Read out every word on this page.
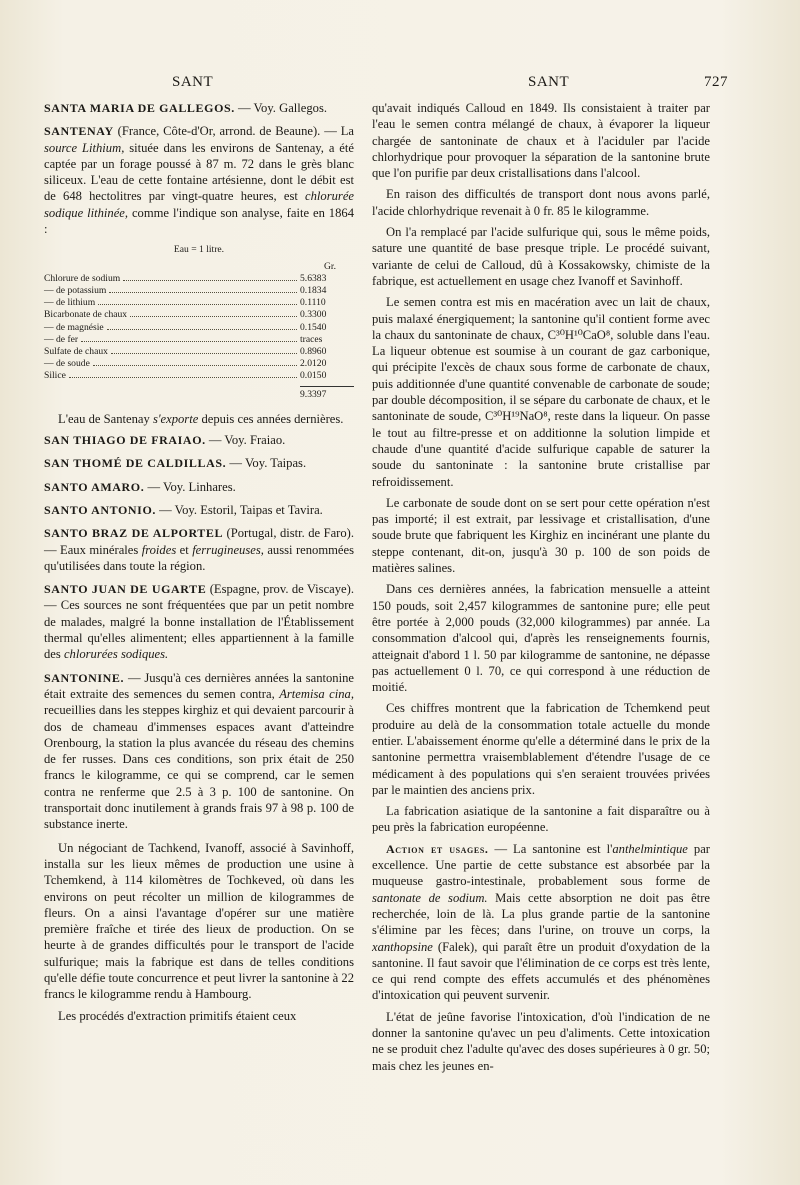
SANT	SANT	727

SANTA MARIA DE GALLEGOS. — Voy. Gallegos.

SANTENAY (France, Côte-d'Or, arrond. de Beaune). — La source Lithium, située dans les environs de Santenay, a été captée par un forage poussé à 87 m. 72 dans le grès blanc siliceux. L'eau de cette fontaine artésienne, dont le débit est de 648 hectolitres par vingt-quatre heures, est chlorurée sodique lithinée, comme l'indique son analyse, faite en 1864 :

Eau = 1 litre.
Gr.
Chlorure de sodium	5.6383
— de potassium	0.1834
— de lithium	0.1110
Bicarbonate de chaux	0.3300
— de magnésie	0.1540
— de fer	traces
Sulfate de chaux	0.8960
— de soude	2.0120
Silice	0.0150
9.3397

L'eau de Santenay s'exporte depuis ces années dernières.

SAN THIAGO DE FRAIAO. — Voy. Fraiao.

SAN THOMÉ DE CALDILLAS. — Voy. Taipas.

SANTO AMARO. — Voy. Linhares.

SANTO ANTONIO. — Voy. Estoril, Taipas et Tavira.

SANTO BRAZ DE ALPORTEL (Portugal, distr. de Faro). — Eaux minérales froides et ferrugineuses, aussi renommées qu'utilisées dans toute la région.

SANTO JUAN DE UGARTE (Espagne, prov. de Viscaye). — Ces sources ne sont fréquentées que par un petit nombre de malades, malgré la bonne installation de l'Établissement thermal qu'elles alimentent; elles appartiennent à la famille des chlorurées sodiques.

SANTONINE. — Jusqu'à ces dernières années la santonine était extraite des semences du semen contra, Artemisa cina, recueillies dans les steppes kirghiz et qui devaient parcourir à dos de chameau d'immenses espaces avant d'atteindre Orenbourg, la station la plus avancée du réseau des chemins de fer russes. Dans ces conditions, son prix était de 250 francs le kilogramme, ce qui se comprend, car le semen contra ne renferme que 2.5 à 3 p. 100 de santonine. On transportait donc inutilement à grands frais 97 à 98 p. 100 de substance inerte.

Un négociant de Tachkend, Ivanoff, associé à Savinhoff, installa sur les lieux mêmes de production une usine à Tchemkend, à 114 kilomètres de Tochkeved, où dans les environs on peut récolter un million de kilogrammes de fleurs. On a ainsi l'avantage d'opérer sur une matière première fraîche et tirée des lieux de production. On se heurte à de grandes difficultés pour le transport de l'acide sulfurique; mais la fabrique est dans de telles conditions qu'elle défie toute concurrence et peut livrer la santonine à 22 francs le kilogramme rendu à Hambourg.

Les procédés d'extraction primitifs étaient ceux

qu'avait indiqués Calloud en 1849. Ils consistaient à traiter par l'eau le semen contra mélangé de chaux, à évaporer la liqueur chargée de santoninate de chaux et à l'aciduler par l'acide chlorhydrique pour provoquer la séparation de la santonine brute que l'on purifie par deux cristallisations dans l'alcool.

En raison des difficultés de transport dont nous avons parlé, l'acide chlorhydrique revenait à 0 fr. 85 le kilogramme.

On l'a remplacé par l'acide sulfurique qui, sous le même poids, sature une quantité de base presque triple. Le procédé suivant, variante de celui de Calloud, dû à Kossakowsky, chimiste de la fabrique, est actuellement en usage chez Ivanoff et Savinhoff.

Le semen contra est mis en macération avec un lait de chaux, puis malaxé énergiquement; la santonine qu'il contient forme avec la chaux du santoninate de chaux, C³⁰H¹⁰CaO⁸, soluble dans l'eau. La liqueur obtenue est soumise à un courant de gaz carbonique, qui précipite l'excès de chaux sous forme de carbonate de chaux, puis additionnée d'une quantité convenable de carbonate de soude; par double décomposition, il se sépare du carbonate de chaux, et le santoninate de soude, C³⁰H¹⁹NaO⁸, reste dans la liqueur. On passe le tout au filtre-presse et on additionne la solution limpide et chaude d'une quantité d'acide sulfurique capable de saturer la soude du santoninate : la santonine brute cristallise par refroidissement.

Le carbonate de soude dont on se sert pour cette opération n'est pas importé; il est extrait, par lessivage et cristallisation, d'une soude brute que fabriquent les Kirghiz en incinérant une plante du steppe contenant, dit-on, jusqu'à 30 p. 100 de son poids de matières salines.

Dans ces dernières années, la fabrication mensuelle a atteint 150 pouds, soit 2,457 kilogrammes de santonine pure; elle peut être portée à 2,000 pouds (32,000 kilogrammes) par année. La consommation d'alcool qui, d'après les renseignements fournis, atteignait d'abord 1 l. 50 par kilogramme de santonine, ne dépasse pas actuellement 0 l. 70, ce qui correspond à une réduction de moitié.

Ces chiffres montrent que la fabrication de Tchemkend peut produire au delà de la consommation totale actuelle du monde entier. L'abaissement énorme qu'elle a déterminé dans le prix de la santonine permettra vraisemblablement d'étendre l'usage de ce médicament à des populations qui s'en seraient trouvées privées par le maintien des anciens prix.

La fabrication asiatique de la santonine a fait disparaître ou à peu près la fabrication européenne.

Action et usages. — La santonine est l'anthelmintique par excellence. Une partie de cette substance est absorbée par la muqueuse gastro-intestinale, probablement sous forme de santonate de sodium. Mais cette absorption ne doit pas être recherchée, loin de là. La plus grande partie de la santonine s'élimine par les fèces; dans l'urine, on trouve un corps, la xanthopsine (Falek), qui paraît être un produit d'oxydation de la santonine. Il faut savoir que l'élimination de ce corps est très lente, ce qui rend compte des effets accumulés et des phénomènes d'intoxication qui peuvent survenir.

L'état de jeûne favorise l'intoxication, d'où l'indication de ne donner la santonine qu'avec un peu d'aliments. Cette intoxication ne se produit chez l'adulte qu'avec des doses supérieures à 0 gr. 50; mais chez les jeunes en-
